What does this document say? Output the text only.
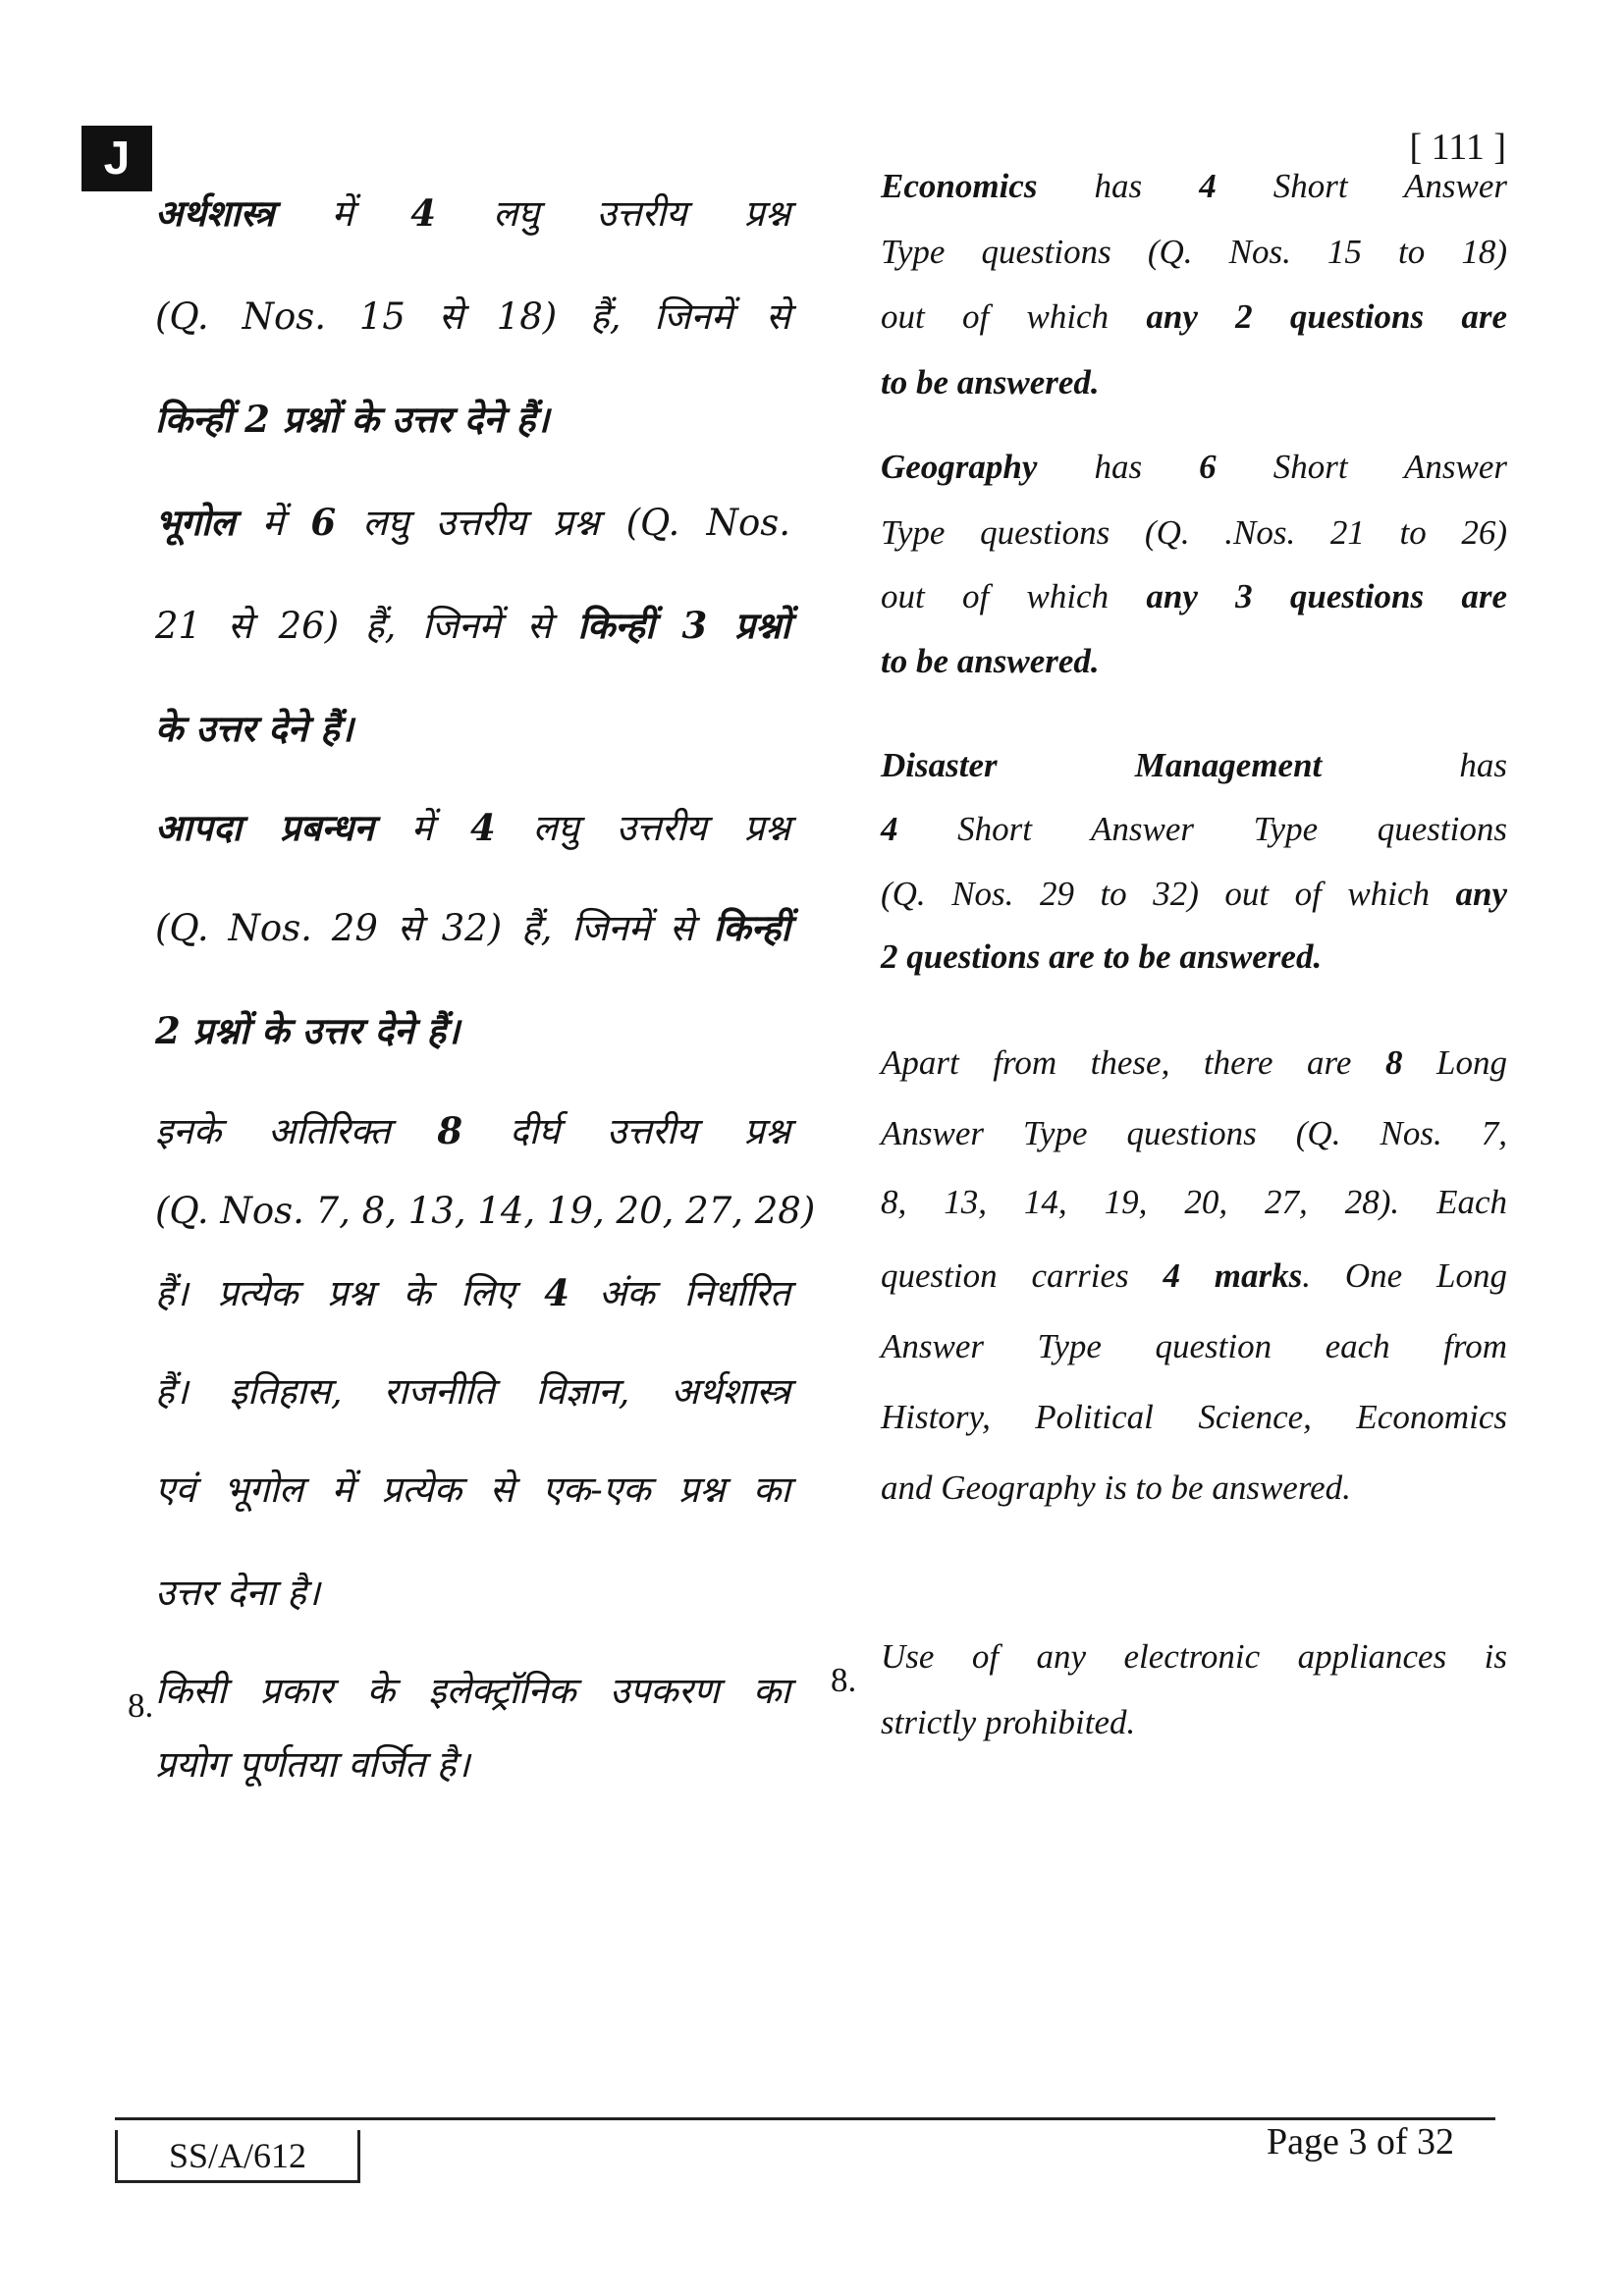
J	[ 111 ]
अर्थशास्त्र में 4 लघु उत्तरीय प्रश्न
(Q. Nos. 15 से 18) हैं, जिनमें से
किन्हीं 2 प्रश्नों के उत्तर देने हैं।
भूगोल में 6 लघु उत्तरीय प्रश्न (Q. Nos.
21 से 26) हैं, जिनमें से किन्हीं 3 प्रश्नों
के उत्तर देने हैं।
आपदा प्रबन्धन में 4 लघु उत्तरीय प्रश्न
(Q. Nos. 29 से 32) हैं, जिनमें से किन्हीं
2 प्रश्नों के उत्तर देने हैं।
इनके अतिरिक्त 8 दीर्घ उत्तरीय प्रश्न
(Q. Nos. 7, 8, 13, 14, 19, 20, 27, 28)
हैं। प्रत्येक प्रश्न के लिए 4 अंक निर्धारित
हैं। इतिहास, राजनीति विज्ञान, अर्थशास्त्र
एवं भूगोल में प्रत्येक से एक-एक प्रश्न का
उत्तर देना है।
किसी प्रकार के इलेक्ट्रॉनिक उपकरण का
प्रयोग पूर्णतया वर्जित है।
Economics has 4 Short Answer
Type questions (Q. Nos. 15 to 18)
out of which any 2 questions are
to be answered.
Geography has 6 Short Answer
Type questions (Q. .Nos. 21 to 26)
out of which any 3 questions are
to be answered.
Disaster Management has
4 Short Answer Type questions
(Q. Nos. 29 to 32) out of which any
2 questions are to be answered.
Apart from these, there are 8 Long
Answer Type questions (Q. Nos. 7,
8, 13, 14, 19, 20, 27, 28). Each
question carries 4 marks. One Long
Answer Type question each from
History, Political Science, Economics
and Geography is to be answered.
Use of any electronic appliances is
strictly prohibited.
8.
8.
SS/A/612	Page 3 of 32
